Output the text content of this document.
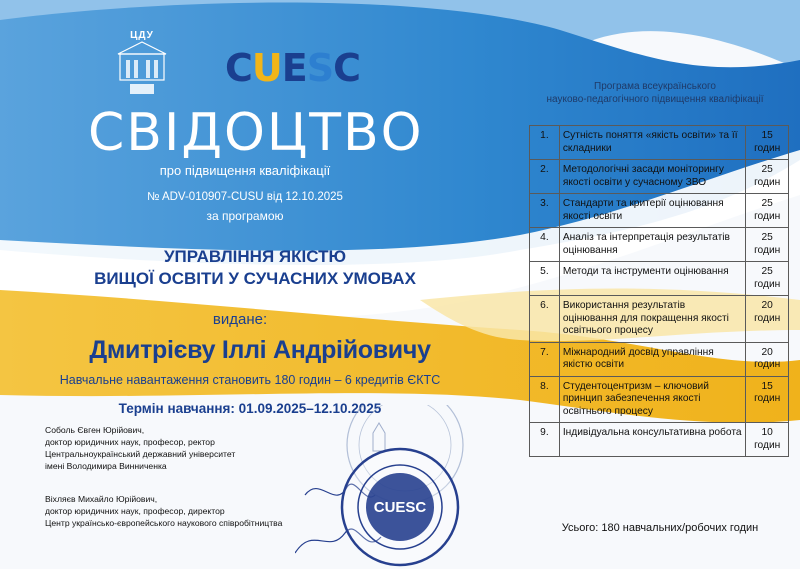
ЦДУ
CUESC
СВІДОЦТВО
про підвищення кваліфікації
№ ADV-010907-CUSU від 12.10.2025
за програмою
УПРАВЛІННЯ ЯКІСТЮ
ВИЩОЇ ОСВІТИ У СУЧАСНИХ УМОВАХ
видане:
Дмитрієву Іллі Андрійовичу
Навчальне навантаження становить 180 годин – 6 кредитів ЄКТС
Термін навчання: 01.09.2025–12.10.2025
Соболь Євген Юрійович,
доктор юридичних наук, професор, ректор
Центральноукраїнський державний університет
імені Володимира Винниченка
Віхляєв Михайло Юрійович,
доктор юридичних наук, професор, директор
Центр українсько-європейського наукового співробітництва
CUESC
Програма всеукраїнського
науково-педагогічного підвищення кваліфікації
1.	Сутність поняття «якість освіти» та її складники	15
годин

2.	Методологічні засади моніторингу якості освіти у сучасному ЗВО	25
годин

3.	Стандарти та критерії оцінювання якості освіти	25
годин

4.	Аналіз та інтерпретація результатів оцінювання	25
годин

5.	Методи та інструменти оцінювання	25
годин

6.	Використання результатів оцінювання для покращення якості освітнього процесу	20
годин

7.	Міжнародний досвід управління якістю освіти	20
годин

8.	Студентоцентризм – ключовий принцип забезпечення якості освітнього процесу	15
годин

9.	Індивідуальна консультативна робота	10
годин
Усього: 180 навчальних/робочих годин
